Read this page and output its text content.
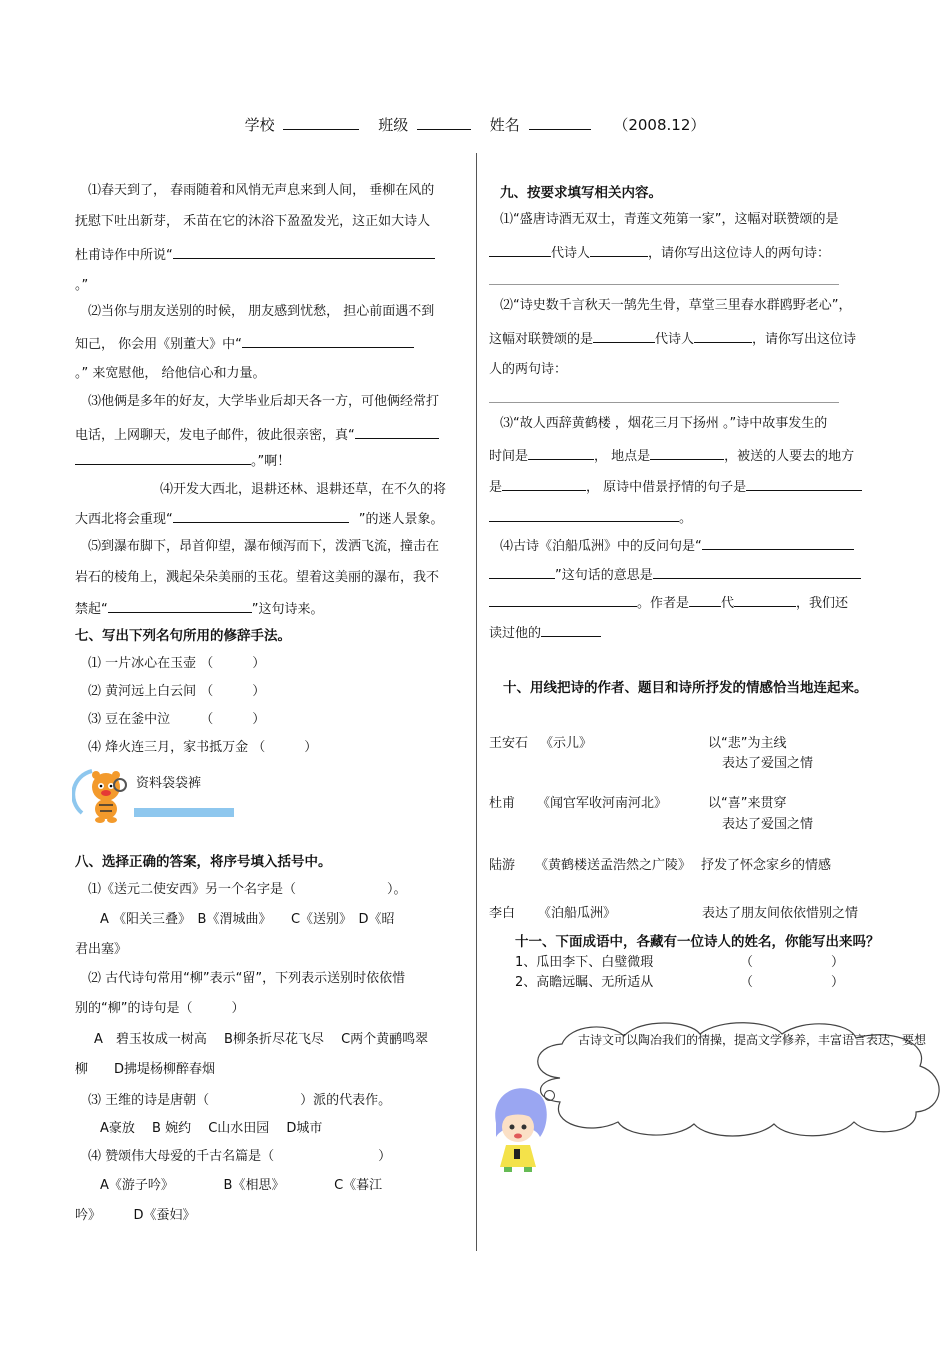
学校	班级	姓名	（2008.12）
⑴春天到了， 春雨随着和风悄无声息来到人间， 垂柳在风的
抚慰下吐出新芽， 禾苗在它的沐浴下盈盈发光，这正如大诗人
杜甫诗作中所说“
。”
⑵当你与朋友送别的时候， 朋友感到忧愁， 担心前面遇不到
知己， 你会用《别董大》中“
。” 来宽慰他， 给他信心和力量。
⑶他俩是多年的好友，大学毕业后却天各一方，可他俩经常打
电话，上网聊天，发电子邮件，彼此很亲密，真“
。”啊！
⑷开发大西北，退耕还林、退耕还草，在不久的将
大西北将会重现“	”的迷人景象。
⑸到瀑布脚下，昂首仰望，瀑布倾泻而下，泼洒飞流，撞击在
岩石的棱角上，溅起朵朵美丽的玉花。望着这美丽的瀑布，我不
禁起“	”这句诗来。
七、写出下列名句所用的修辞手法。
⑴ 一片冰心在玉壶 （　　　）
⑵ 黄河远上白云间 （　　　）
⑶ 豆在釜中泣　　 （　　　）
⑷ 烽火连三月，家书抵万金 （　　　）
资料袋袋裤
八、选择正确的答案，将序号填入括号中。
⑴《送元二使安西》另一个名字是（　　　　　　　）。
A 《阳关三叠》　B《渭城曲》　　C《送别》　D《昭
君出塞》
⑵ 古代诗句常用“柳”表示“留”，下列表示送别时依依惜
别的“柳”的诗句是（　　　）
A　碧玉妆成一树高　 B柳条折尽花飞尽　 C两个黄鹂鸣翠
柳　　D拂堤杨柳醉春烟
⑶ 王维的诗是唐朝（　　　　　　　）派的代表作。
A豪放　 B 婉约　 C山水田园　 D城市
⑷ 赞颂伟大母爱的千古名篇是（　　　　　　　　）
A《游子吟》　　　　 B《相思》　　　　 C《暮江
吟》　　　D《蚕妇》
九、按要求填写相关内容。
⑴“盛唐诗酒无双士，青莲文苑第一家”，这幅对联赞颂的是
代诗人	，请你写出这位诗人的两句诗：
⑵“诗史数千言秋天一鹄先生骨，草堂三里春水群鸥野老心”，
这幅对联赞颂的是	代诗人	，请你写出这位诗
人的两句诗：
⑶“故人西辞黄鹤楼 ，烟花三月下扬州 。”诗中故事发生的
时间是	， 地点是	，被送的人要去的地方
是	， 原诗中借景抒情的句子是
。
⑷古诗《泊船瓜洲》中的反问句是“
”这句话的意思是
。作者是 代	，我们还
读过他的
十、用线把诗的作者、题目和诗所抒发的情感恰当地连起来。
王安石 《示儿》	以“悲”为主线
表达了爱国之情
杜甫 《闻官军收河南河北》	以“喜”来贯穿
表达了爱国之情
陆游 《黄鹤楼送孟浩然之广陵》 抒发了怀念家乡的情感
李白 《泊船瓜洲》	表达了朋友间依依惜别之情
十一、下面成语中，各藏有一位诗人的姓名，你能写出来吗？
1、瓜田李下、白璧微瑕	（　　　　　　）
2、高瞻远瞩、无所适从	（　　　　　　）
古诗文可以陶冶我们的情操，提高文学修养，丰富语言表达，要想
